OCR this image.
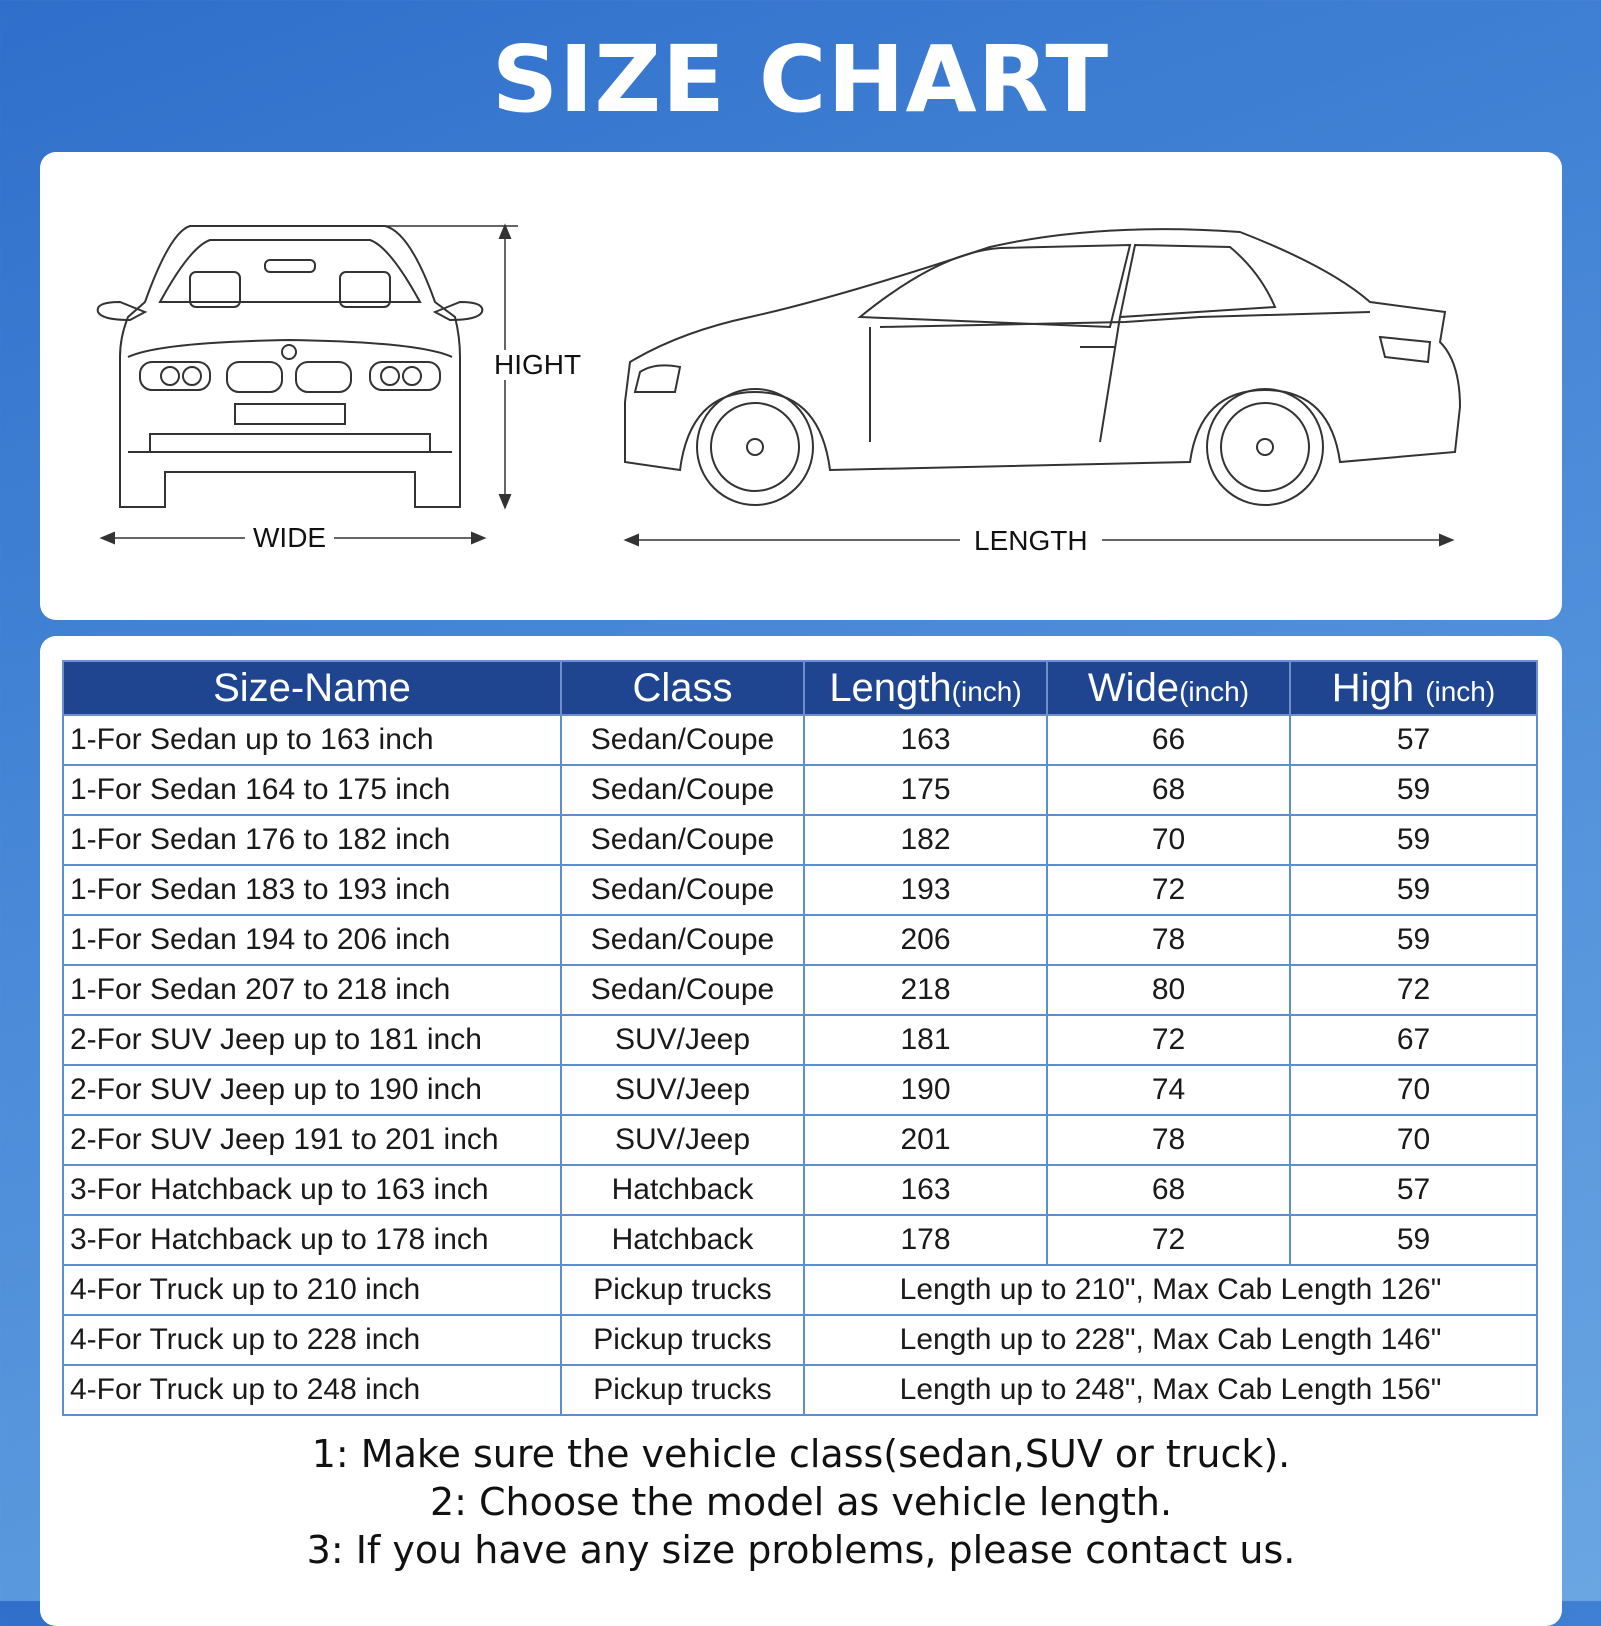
SIZE CHART
HIGHT
WIDE	LENGTH
Size-Name	Class	Length(inch)	Wide(inch)	High (inch)
1-For Sedan up to 163 inch	Sedan/Coupe	163	66	57
1-For Sedan 164 to 175 inch	Sedan/Coupe	175	68	59
1-For Sedan 176 to 182 inch	Sedan/Coupe	182	70	59
1-For Sedan 183 to 193 inch	Sedan/Coupe	193	72	59
1-For Sedan 194 to 206 inch	Sedan/Coupe	206	78	59
1-For Sedan 207 to 218 inch	Sedan/Coupe	218	80	72
2-For SUV Jeep up to 181 inch	SUV/Jeep	181	72	67
2-For SUV Jeep up to 190 inch	SUV/Jeep	190	74	70
2-For SUV Jeep 191 to 201 inch	SUV/Jeep	201	78	70
3-For Hatchback up to 163 inch	Hatchback	163	68	57
3-For Hatchback up to 178 inch	Hatchback	178	72	59
4-For Truck up to 210 inch	Pickup trucks	Length up to 210", Max Cab Length 126"		
4-For Truck up to 228 inch	Pickup trucks	Length up to 228", Max Cab Length 146"		
4-For Truck up to 248 inch	Pickup trucks	Length up to 248", Max Cab Length 156"		
1: Make sure the vehicle class(sedan,SUV or truck).
2: Choose the model as vehicle length.
3: If you have any size problems, please contact us.
